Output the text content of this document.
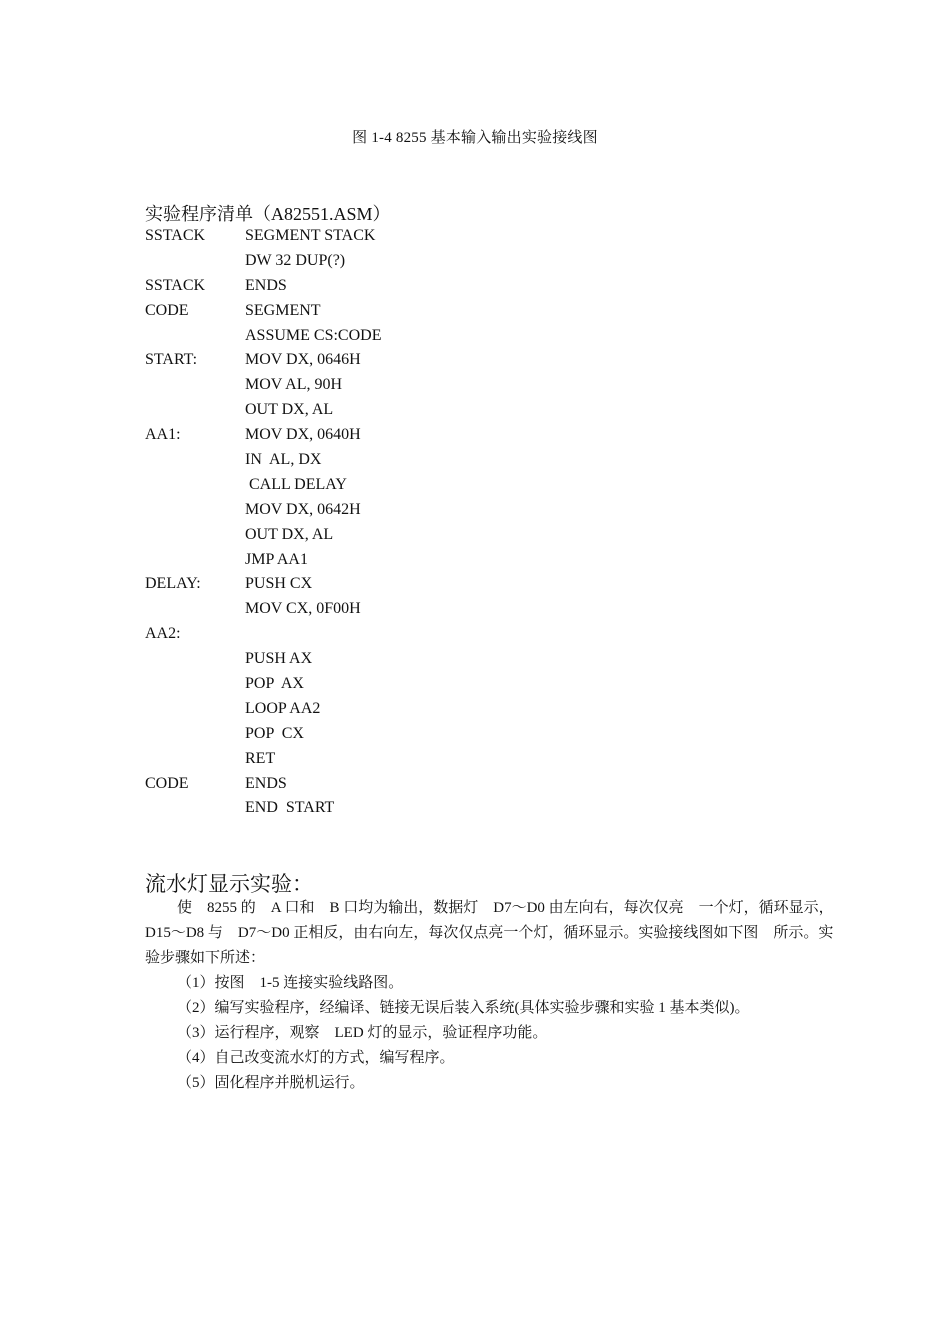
图 1-4 8255 基本输入输出实验接线图
实验程序清单（A82551.ASM）
SSTACK SEGMENT STACK
DW 32 DUP(?)
SSTACK ENDS
CODE	SEGMENT
ASSUME CS:CODE
START:	MOV DX, 0646H
MOV AL, 90H
OUT DX, AL
AA1:	MOV DX, 0640H
IN  AL, DX
CALL DELAY
MOV DX, 0642H
OUT DX, AL
JMP AA1
DELAY:	PUSH CX
MOV CX, 0F00H
AA2:
PUSH AX
POP  AX
LOOP AA2
POP  CX
RET
CODE	ENDS
END  START
流水灯显示实验：

使　8255 的　A 口和　B 口均为输出，数据灯　D7～D0 由左向右，每次仅亮　一个灯，循环显示，D15～D8 与　D7～D0 正相反，由右向左，每次仅点亮一个灯，循环显示。实验接线图如下图　所示。实验步骤如下所述：

（1）按图　1-5 连接实验线路图。

（2）编写实验程序，经编译、链接无误后装入系统(具体实验步骤和实验 1 基本类似)。

（3）运行程序，观察　LED 灯的显示，验证程序功能。

（4）自己改变流水灯的方式，编写程序。

（5）固化程序并脱机运行。
